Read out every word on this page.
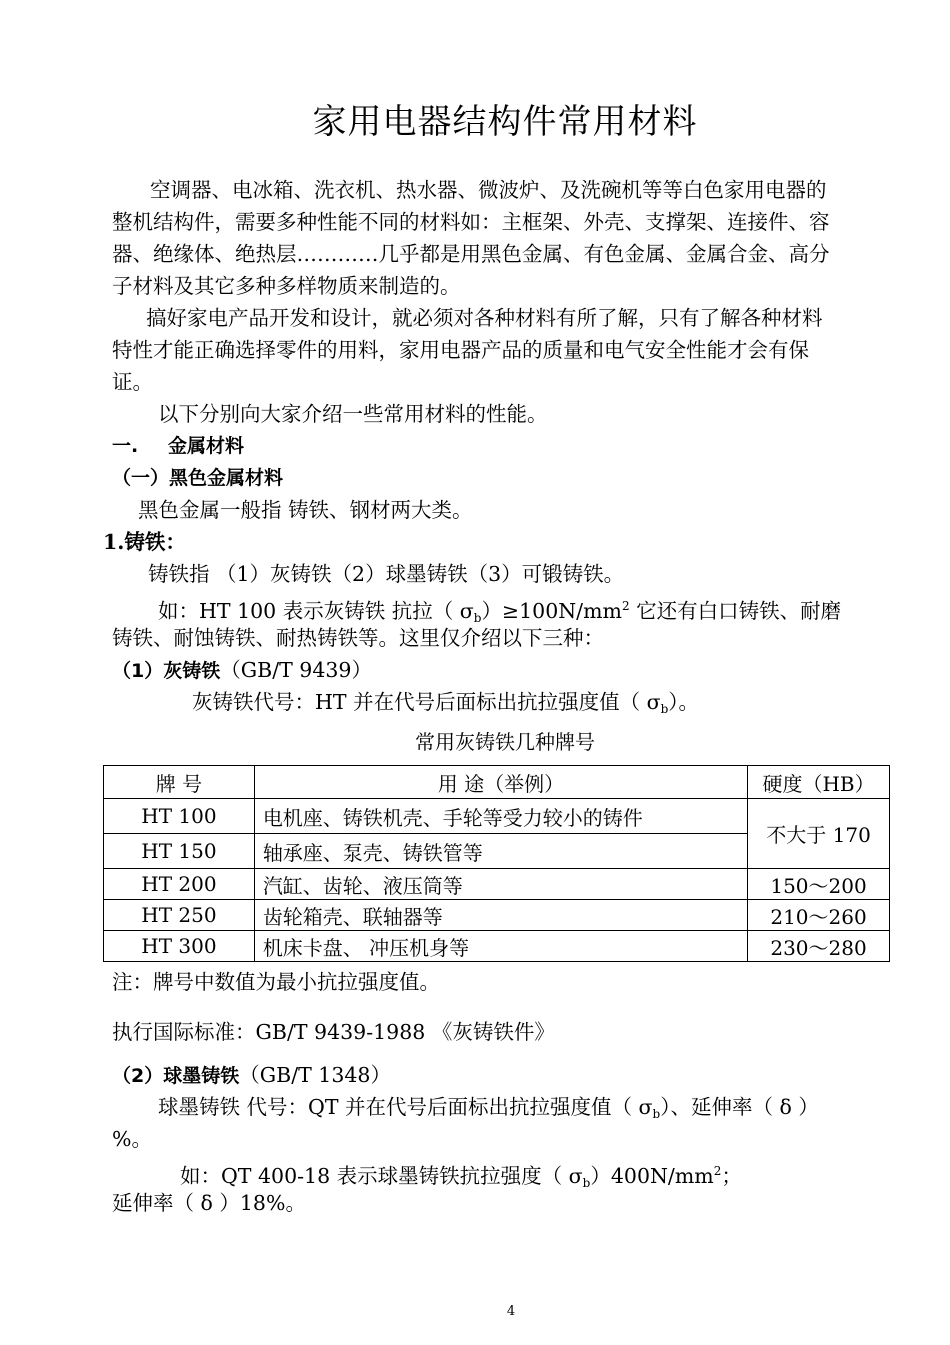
家用电器结构件常用材料
空调器、电冰箱、洗衣机、热水器、微波炉、及洗碗机等等白色家用电器的
整机结构件，需要多种性能不同的材料如：主框架、外壳、支撑架、连接件、容
器、绝缘体、绝热层…………几乎都是用黑色金属、有色金属、金属合金、高分
子材料及其它多种多样物质来制造的。
搞好家电产品开发和设计，就必须对各种材料有所了解，只有了解各种材料
特性才能正确选择零件的用料，家用电器产品的质量和电气安全性能才会有保
证。
以下分别向大家介绍一些常用材料的性能。
一. 金属材料
（一）黑色金属材料
黑色金属一般指 铸铁、钢材两大类。
1.铸铁：
铸铁指 （1）灰铸铁（2）球墨铸铁（3）可锻铸铁。
如：HT 100 表示灰铸铁 抗拉（ $\sigma_b)\ge 100N/mm^2$ 它还有白口铸铁、耐磨
铸铁、耐蚀铸铁、耐热铸铁等。这里仅介绍以下三种：
（1）灰铸铁（GB/T 9439）
灰铸铁代号：HT 并在代号后面标出抗拉强度值（ $\sigma_b$）。
常用灰铸铁几种牌号
牌 号	用 途（举例）	硬度（HB）
HT 100	电机座、铸铁机壳、手轮等受力较小的铸件	不大于 170
HT 150	轴承座、泵壳、铸铁管等	
HT 200	汽缸、齿轮、液压筒等	150～200
HT 250	齿轮箱壳、联轴器等	210～260
HT 300	机床卡盘、 冲压机身等	230～280
注：牌号中数值为最小抗拉强度值。
执行国际标准：GB/T 9439-1988 《灰铸铁件》
（2）球墨铸铁（GB/T 1348）
球墨铸铁 代号：QT 并在代号后面标出抗拉强度值（ $\sigma_b$）、延伸率（ δ ）
%。
如：QT 400-18 表示球墨铸铁抗拉强度（ $\sigma_b)400N/mm^2$；
延伸率（ δ ）18%。
4
